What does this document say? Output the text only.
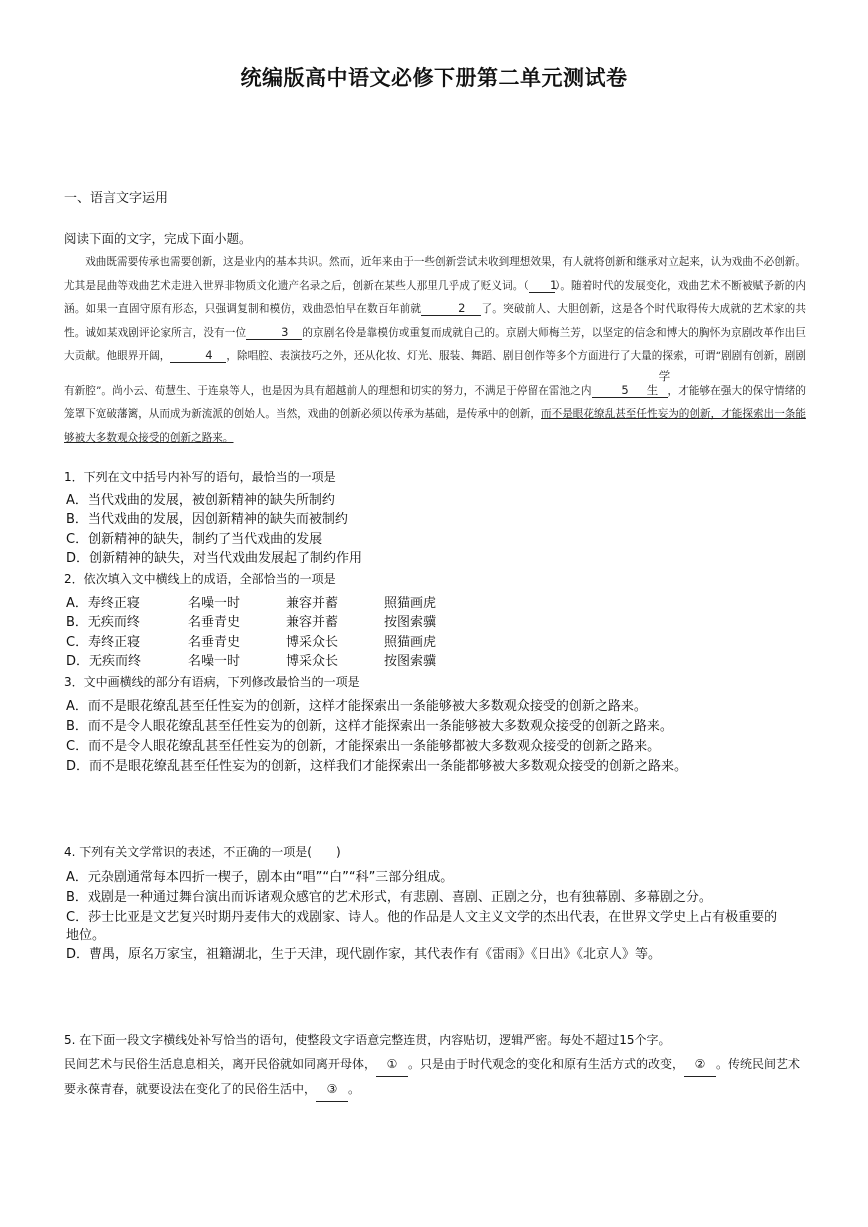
统编版高中语文必修下册第二单元测试卷
一、语言文字运用
阅读下面的文字，完成下面小题。

戏曲既需要传承也需要创新，这是业内的基本共识。然而，近年来由于一些创新尝试未收到理想效果，有人就将创新和继承对立起来，认为戏曲不必创新。尤其是昆曲等戏曲艺术走进入世界非物质文化遗产名录之后，创新在某些人那里几乎成了贬义词。（ 1）。随着时代的发展变化，戏曲艺术不断被赋予新的内涵。如果一直固守原有形态，只强调复制和模仿，戏曲恐怕早在数百年前就	2 了。突破前人、大胆创新，这是各个时代取得传大成就的艺术家的共性。诚如某戏剧评论家所言，没有一位	3 的京剧名伶是靠模仿或重复而成就自己的。京剧大师梅兰芳，以坚定的信念和博大的胸怀为京剧改革作出巨大贡献。他眼界开阔，	4 ，除唱腔、表演技巧之外，还从化妆、灯光、服装、舞蹈、剧目创作等多个方面进行了大量的探索，可谓“剧剧有创新，剧剧有新腔”。尚小云、荀慧生、于连泉等人，也是因为具有超越前人的理想和切实的努力，不满足于停留在雷池之内	5学生 ，才能够在强大的保守情绪的笼罩下宽破藩篱，从而成为新流派的创始人。当然，戏曲的创新必须以传承为基础，是传承中的创新，而不是眼花缭乱甚至任性妄为的创新，才能探索出一条能够被大多数观众接受的创新之路来。

1．下列在文中括号内补写的语句，最恰当的一项是
A．当代戏曲的发展，被创新精神的缺失所制约
B．当代戏曲的发展，因创新精神的缺失而被制约
C．创新精神的缺失，制约了当代戏曲的发展
D．创新精神的缺失，对当代戏曲发展起了制约作用
2．依次填入文中横线上的成语，全部恰当的一项是
A．寿终正寝	名噪一时	兼容并蓄	照猫画虎
B．无疾而终	名垂青史	兼容并蓄	按图索骥
C．寿终正寝	名垂青史	博采众长	照猫画虎
D．无疾而终	名噪一时	博采众长	按图索骥
3．文中画横线的部分有语病，下列修改最恰当的一项是
A．而不是眼花缭乱甚至任性妄为的创新，这样才能探索出一条能够被大多数观众接受的创新之路来。
B．而不是令人眼花缭乱甚至任性妄为的创新，这样才能探索出一条能够被大多数观众接受的创新之路来。
C．而不是令人眼花缭乱甚至任性妄为的创新，才能探索出一条能够都被大多数观众接受的创新之路来。
D．而不是眼花缭乱甚至任性妄为的创新，这样我们才能探索出一条能都够被大多数观众接受的创新之路来。
4. 下列有关文学常识的表述，不正确的一项是(　　)
A．元杂剧通常每本四折一楔子，剧本由“唱”“白”“科”三部分组成。
B．戏剧是一种通过舞台演出而诉诸观众感官的艺术形式，有悲剧、喜剧、正剧之分，也有独幕剧、多幕剧之分。
C．莎士比亚是文艺复兴时期丹麦伟大的戏剧家、诗人。他的作品是人文主义文学的杰出代表，在世界文学史上占有极重要的
地位。
D．曹禺，原名万家宝，祖籍湖北，生于天津，现代剧作家，其代表作有《雷雨》《日出》《北京人》等。
5. 在下面一段文字横线处补写恰当的语句，使整段文字语意完整连贯，内容贴切，逻辑严密。每处不超过15个字。
民间艺术与民俗生活息息相关，离开民俗就如同离开母体， ① 。只是由于时代观念的变化和原有生活方式的改变， ② 。传统民间艺术要永葆青春，就要设法在变化了的民俗生活中， ③ 。
